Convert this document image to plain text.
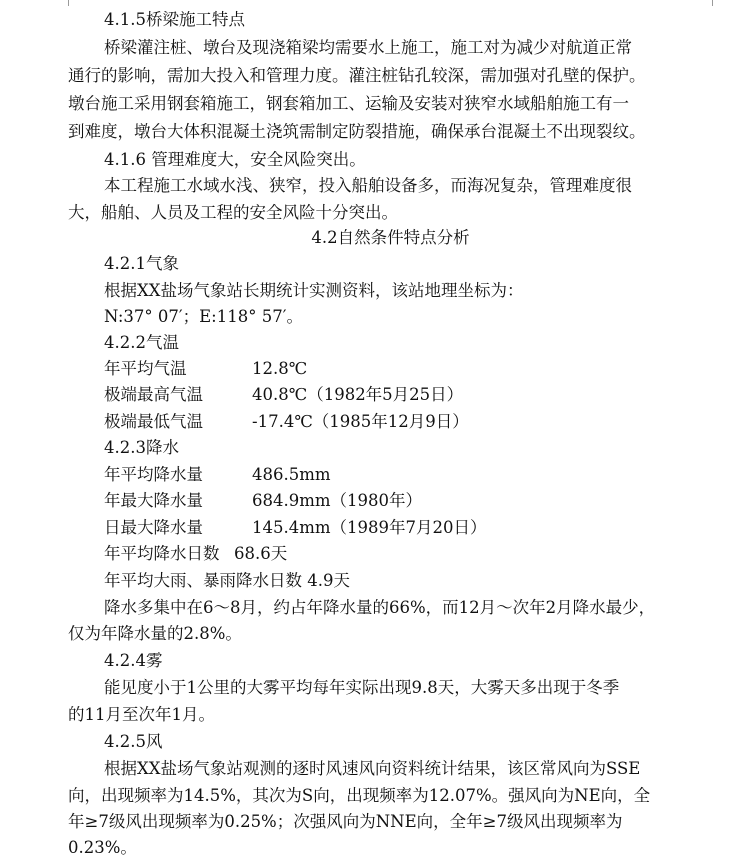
4.1.5桥梁施工特点
桥梁灌注桩、墩台及现浇箱梁均需要水上施工，施工对为减少对航道正常
通行的影响，需加大投入和管理力度。灌注桩钻孔较深，需加强对孔壁的保护。
墩台施工采用钢套箱施工，钢套箱加工、运输及安装对狭窄水域船舶施工有一
到难度，墩台大体积混凝土浇筑需制定防裂措施，确保承台混凝土不出现裂纹。
4.1.6 管理难度大，安全风险突出。
本工程施工水域水浅、狭窄，投入船舶设备多，而海况复杂，管理难度很
大，船舶、人员及工程的安全风险十分突出。
4.2自然条件特点分析
4.2.1气象
根据XX盐场气象站长期统计实测资料，该站地理坐标为：
N:37° 07′；E:118° 57′。
4.2.2气温
年平均气温	12.8℃
极端最高气温	40.8℃（1982年5月25日）
极端最低气温	-17.4℃（1985年12月9日）
4.2.3降水
年平均降水量	486.5mm
年最大降水量	684.9mm（1980年）
日最大降水量	145.4mm（1989年7月20日）
年平均降水日数 68.6天
年平均大雨、暴雨降水日数 4.9天
降水多集中在6～8月，约占年降水量的66%，而12月～次年2月降水最少，
仅为年降水量的2.8%。
4.2.4雾
能见度小于1公里的大雾平均每年实际出现9.8天，大雾天多出现于冬季
的11月至次年1月。
4.2.5风
根据XX盐场气象站观测的逐时风速风向资料统计结果，该区常风向为SSE
向，出现频率为14.5%，其次为S向，出现频率为12.07%。强风向为NE向，全
年≥7级风出现频率为0.25%；次强风向为NNE向，全年≥7级风出现频率为
0.23%。
